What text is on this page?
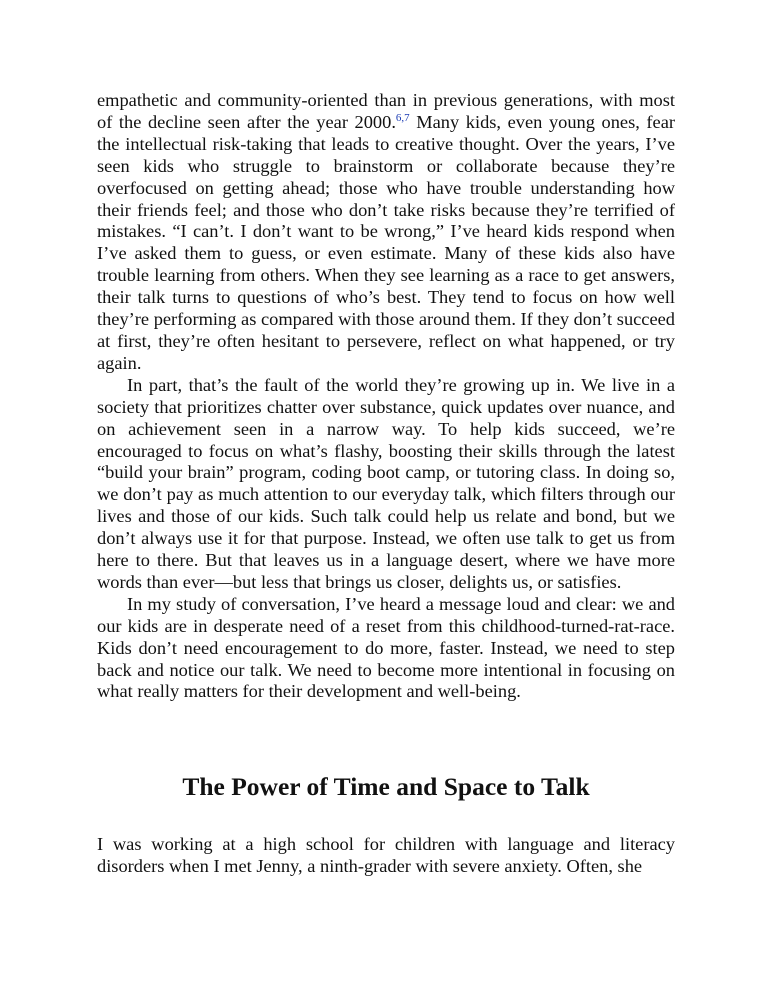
empathetic and community-oriented than in previous generations, with most of the decline seen after the year 2000.$^{6,7}$ Many kids, even young ones, fear the intellectual risk-taking that leads to creative thought. Over the years, I’ve seen kids who struggle to brainstorm or collaborate because they’re overfocused on getting ahead; those who have trouble understanding how their friends feel; and those who don’t take risks because they’re terrified of mistakes. “I can’t. I don’t want to be wrong,” I’ve heard kids respond when I’ve asked them to guess, or even estimate. Many of these kids also have trouble learning from others. When they see learning as a race to get answers, their talk turns to questions of who’s best. They tend to focus on how well they’re performing as compared with those around them. If they don’t succeed at first, they’re often hesitant to persevere, reflect on what happened, or try again.

In part, that’s the fault of the world they’re growing up in. We live in a society that prioritizes chatter over substance, quick updates over nuance, and on achievement seen in a narrow way. To help kids succeed, we’re encouraged to focus on what’s flashy, boosting their skills through the latest “build your brain” program, coding boot camp, or tutoring class. In doing so, we don’t pay as much attention to our everyday talk, which filters through our lives and those of our kids. Such talk could help us relate and bond, but we don’t always use it for that purpose. Instead, we often use talk to get us from here to there. But that leaves us in a language desert, where we have more words than ever—but less that brings us closer, delights us, or satisfies.

In my study of conversation, I’ve heard a message loud and clear: we and our kids are in desperate need of a reset from this childhood-turned-rat-race. Kids don’t need encouragement to do more, faster. Instead, we need to step back and notice our talk. We need to become more intentional in focusing on what really matters for their development and well-being.

The Power of Time and Space to Talk

I was working at a high school for children with language and literacy disorders when I met Jenny, a ninth-grader with severe anxiety. Often, she
